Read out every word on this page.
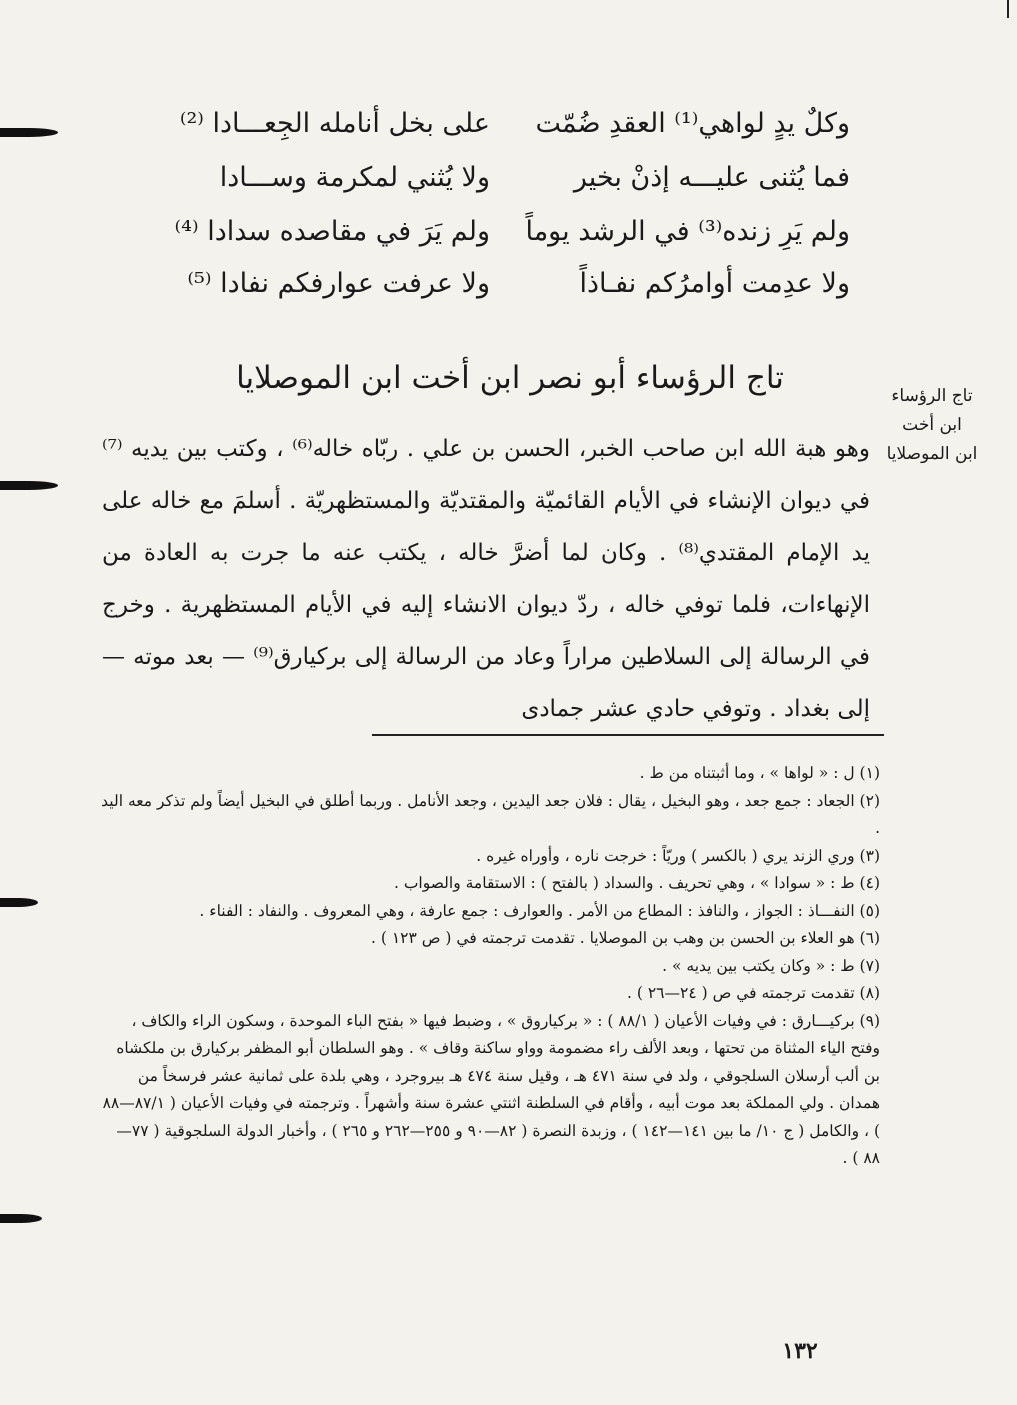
وكلٌ يدٍ لواهي⁽¹⁾ العقدِ ضُمّت
على بخل أنامله الجِعـــادا ⁽²⁾
فما يُثنى عليـــه إذنْ بخير
ولا يُثني لمكرمة وســـادا
ولم يَرِ زنده⁽³⁾ في الرشد يوماً
ولم يَرَ في مقاصده سدادا ⁽⁴⁾
ولا عدِمت أوامرُكم نفـاذاً
ولا عرفت عوارفكم نفادا ⁽⁵⁾
تاج الرؤساء أبو نصر ابن أخت ابن الموصلايا	تاج الرؤساء
ابن أخت
ابن الموصلايا

وهو هبة الله ابن صاحب الخبر، الحسن بن علي . ربّاه خاله⁽⁶⁾ ، وكتب بين يديه ⁽⁷⁾ في ديوان الإنشاء في الأيام القائميّة والمقتديّة والمستظهريّة . أسلمَ مع خاله على يد الإمام المقتدي⁽⁸⁾ . وكان لما أضرَّ خاله ، يكتب عنه ما جرت به العادة من الإنهاءات، فلما توفي خاله ، ردّ ديوان الانشاء إليه في الأيام المستظهرية . وخرج في الرسالة إلى السلاطين مراراً وعاد من الرسالة إلى بركيارق⁽⁹⁾ — بعد موته — إلى بغداد . وتوفي حادي عشر جمادى

(١) ل : « لواها » ، وما أثبتناه من ط .

(٢) الجعاد : جمع جعد ، وهو البخيل ، يقال : فلان جعد اليدين ، وجعد الأنامل . وربما أطلق في البخيل أيضاً ولم تذكر معه اليد .

(٣) وري الزند يري ( بالكسر ) وريّاً : خرجت ناره ، وأوراه غيره .

(٤) ط : « سوادا » ، وهي تحريف . والسداد ( بالفتح ) : الاستقامة والصواب .

(٥) النفـــاذ : الجواز ، والنافذ : المطاع من الأمر . والعوارف : جمع عارفة ، وهي المعروف . والنفاد : الفناء .

(٦) هو العلاء بن الحسن بن وهب بن الموصلايا . تقدمت ترجمته في ( ص ١٢٣ ) .

(٧) ط : « وكان يكتب بين يديه » .

(٨) تقدمت ترجمته في ص ( ٢٤—٢٦ ) .

(٩) بركيـــارق : في وفيات الأعيان ( ٨٨/١ ) : « بركياروق » ، وضبط فيها « بفتح الباء الموحدة ، وسكون الراء والكاف ، وفتح الياء المثناة من تحتها ، وبعد الألف راء مضمومة وواو ساكنة وقاف » . وهو السلطان أبو المظفر بركيارق بن ملكشاه بن ألب أرسلان السلجوقي ، ولد في سنة ٤٧١ هـ ، وقيل سنة ٤٧٤ هـ بيروجرد ، وهي بلدة على ثمانية عشر فرسخاً من همدان . ولي المملكة بعد موت أبيه ، وأقام في السلطنة اثنتي عشرة سنة وأشهراً . وترجمته في وفيات الأعيان ( ٨٧/١—٨٨ ) ، والكامل ( ج ١٠/ ما بين ١٤١—١٤٢ ) ، وزبدة النصرة ( ٨٢—٩٠ و ٢٥٥—٢٦٢ و ٢٦٥ ) ، وأخبار الدولة السلجوقية ( ٧٧—٨٨ ) .

١٣٢
